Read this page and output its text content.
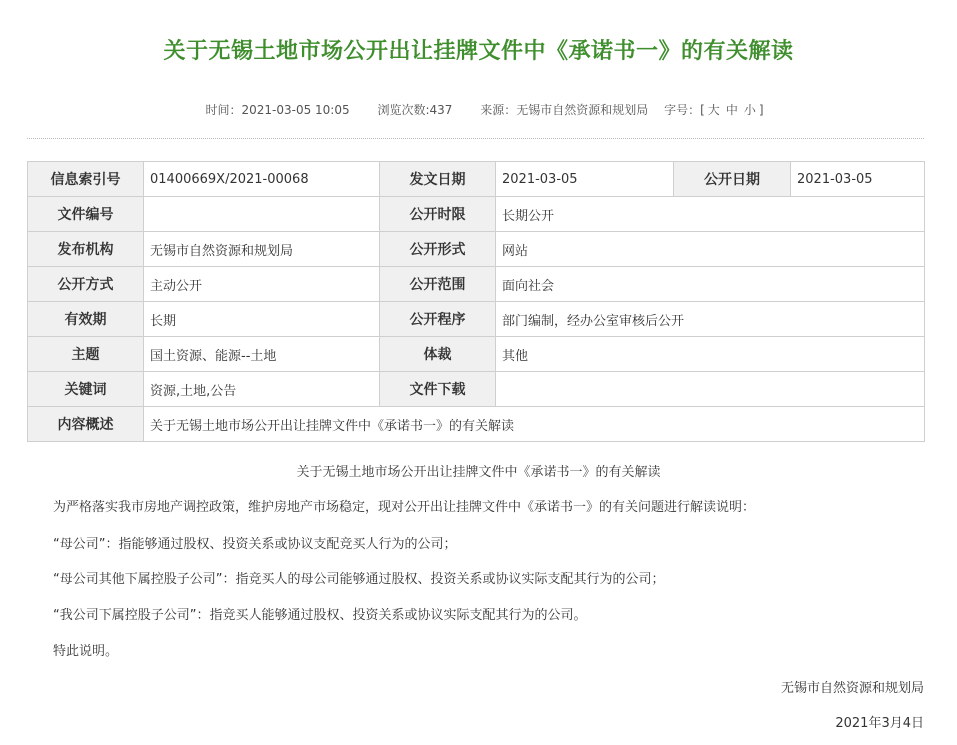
关于无锡土地市场公开出让挂牌文件中《承诺书一》的有关解读
时间：2021-03-05 10:05 浏览次数:437 来源：无锡市自然资源和规划局 字号：[ 大 中 小 ]
信息索引号	01400669X/2021-00068	发文日期	2021-03-05	公开日期	2021-03-05
文件编号		公开时限	长期公开		
发布机构	无锡市自然资源和规划局	公开形式	网站		
公开方式	主动公开	公开范围	面向社会		
有效期	长期	公开程序	部门编制，经办公室审核后公开		
主题	国土资源、能源--土地	体裁	其他		
关键词	资源,土地,公告	文件下载			
内容概述	关于无锡土地市场公开出让挂牌文件中《承诺书一》的有关解读				
关于无锡土地市场公开出让挂牌文件中《承诺书一》的有关解读
为严格落实我市房地产调控政策，维护房地产市场稳定，现对公开出让挂牌文件中《承诺书一》的有关问题进行解读说明：
“母公司”：指能够通过股权、投资关系或协议支配竞买人行为的公司；
“母公司其他下属控股子公司”：指竞买人的母公司能够通过股权、投资关系或协议实际支配其行为的公司；
“我公司下属控股子公司”：指竞买人能够通过股权、投资关系或协议实际支配其行为的公司。
特此说明。
无锡市自然资源和规划局
2021年3月4日
